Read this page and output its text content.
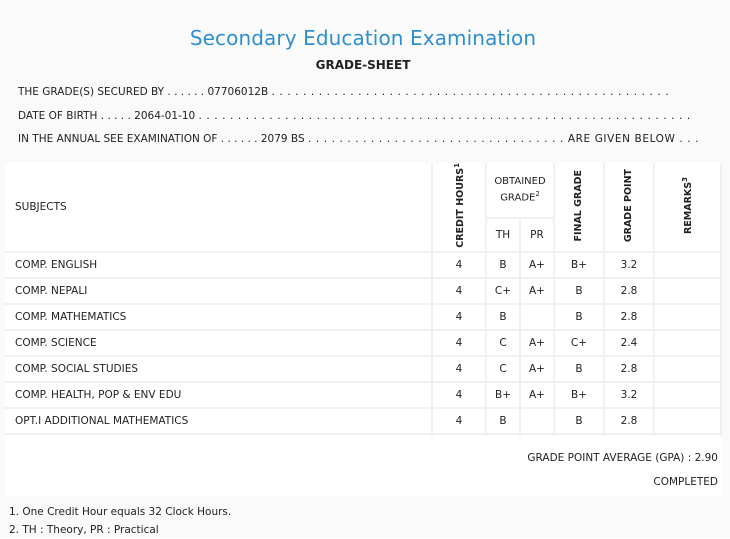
Secondary Education Examination
GRADE-SHEET
THE GRADE(S) SECURED BY . . . . . . 07706012B . . . . . . . . . . . . . . . . . . . . . . . . . . . . . . . . . . . . . . . . . . . . . . . . . . .
DATE OF BIRTH . . . . . 2064-01-10 . . . . . . . . . . . . . . . . . . . . . . . . . . . . . . . . . . . . . . . . . . . . . . . . . . . . . . . . . . . . . . .
IN THE ANNUAL SEE EXAMINATION OF . . . . . . 2079 BS . . . . . . . . . . . . . . . . . . . . . . . . . . . . . . . . . ARE GIVEN BELOW . . .
SUBJECTS	CREDIT HOURS$^1$	OBTAINED GRADE$^2$		FINAL GRADE	GRADE POINT	REMARKS$^3$
		TH	PR			
COMP. ENGLISH	4	B	A+	B+	3.2	
COMP. NEPALI	4	C+	A+	B	2.8	
COMP. MATHEMATICS	4	B		B	2.8	
COMP. SCIENCE	4	C	A+	C+	2.4	
COMP. SOCIAL STUDIES	4	C	A+	B	2.8	
COMP. HEALTH, POP & ENV EDU	4	B+	A+	B+	3.2	
OPT.I ADDITIONAL MATHEMATICS	4	B		B	2.8	

GRADE POINT AVERAGE (GPA) : 2.90
COMPLETED
1. One Credit Hour equals 32 Clock Hours.
2. TH : Theory, PR : Practical
